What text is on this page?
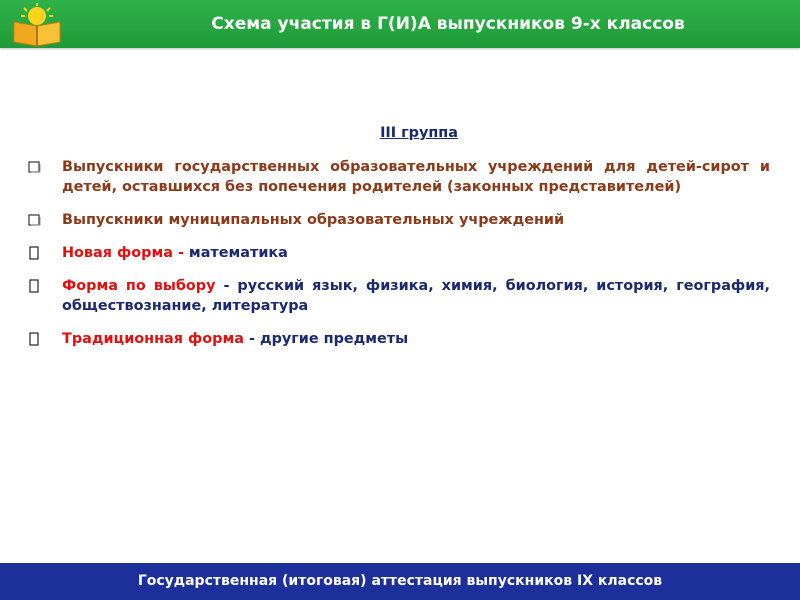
Схема участия в Г(И)А выпускников 9-х классов
III группа
Выпускники государственных образовательных учреждений для детей-сирот и детей, оставшихся без попечения родителей (законных представителей)
Выпускники муниципальных образовательных учреждений
Новая форма - математика
Форма по выбору - русский язык, физика, химия, биология, история, география, обществознание, литература
Традиционная форма - другие предметы
Государственная (итоговая) аттестация выпускников IX классов
